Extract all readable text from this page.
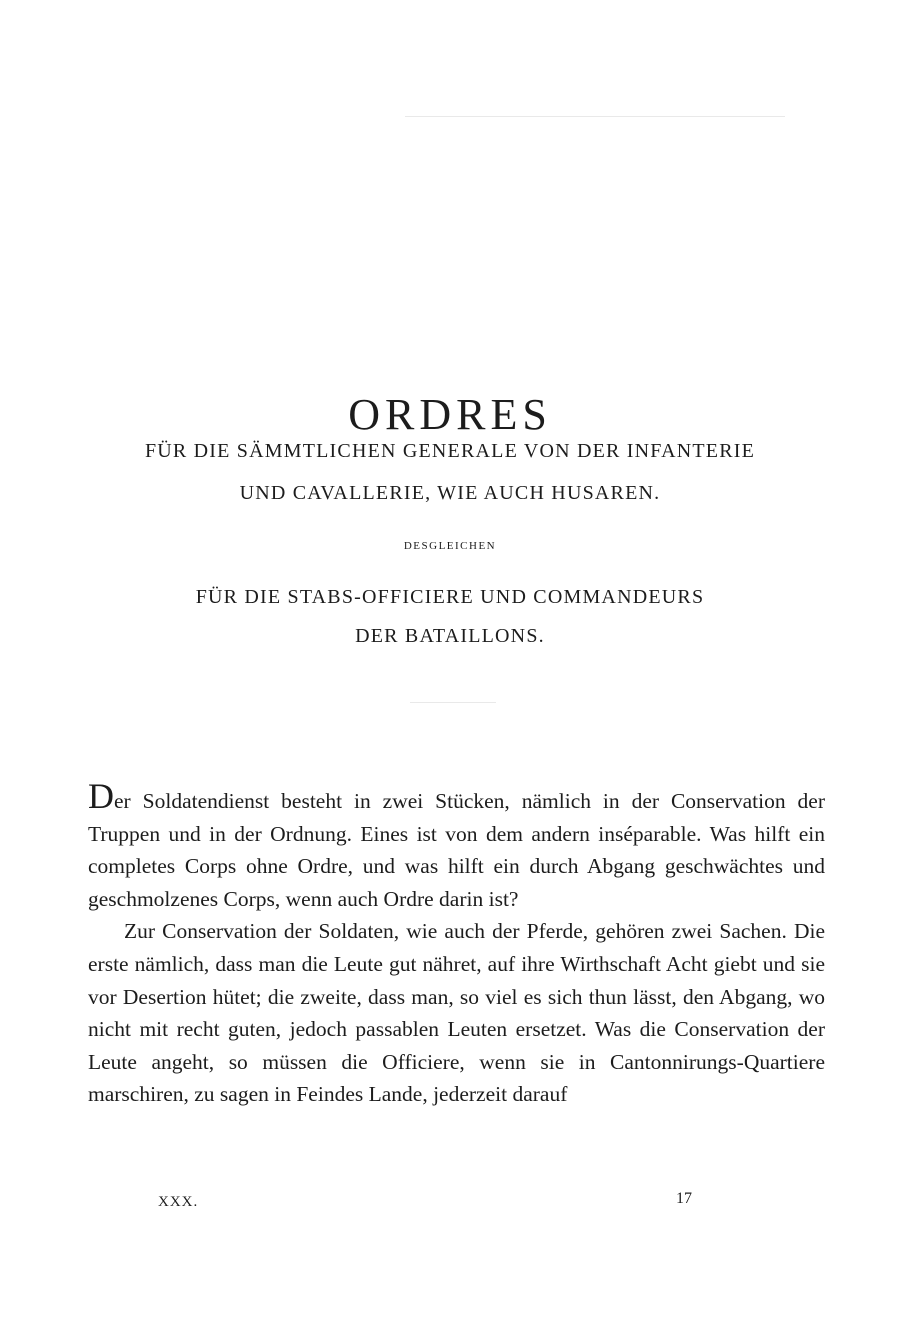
ORDRES
FÜR DIE SÄMMTLICHEN GENERALE VON DER INFANTERIE
UND CAVALLERIE, WIE AUCH HUSAREN.
DESGLEICHEN
FÜR DIE STABS-OFFICIERE UND COMMANDEURS
DER BATAILLONS.

Der Soldatendienst besteht in zwei Stücken, nämlich in der Conservation der Truppen und in der Ordnung. Eines ist von dem andern inséparable. Was hilft ein completes Corps ohne Ordre, und was hilft ein durch Abgang geschwächtes und geschmolzenes Corps, wenn auch Ordre darin ist?

Zur Conservation der Soldaten, wie auch der Pferde, gehören zwei Sachen. Die erste nämlich, dass man die Leute gut nähret, auf ihre Wirthschaft Acht giebt und sie vor Desertion hütet; die zweite, dass man, so viel es sich thun lässt, den Abgang, wo nicht mit recht guten, jedoch passablen Leuten ersetzet. Was die Conservation der Leute angeht, so müssen die Officiere, wenn sie in Cantonnirungs-Quartiere marschiren, zu sagen in Feindes Lande, jederzeit darauf

XXX.	17
